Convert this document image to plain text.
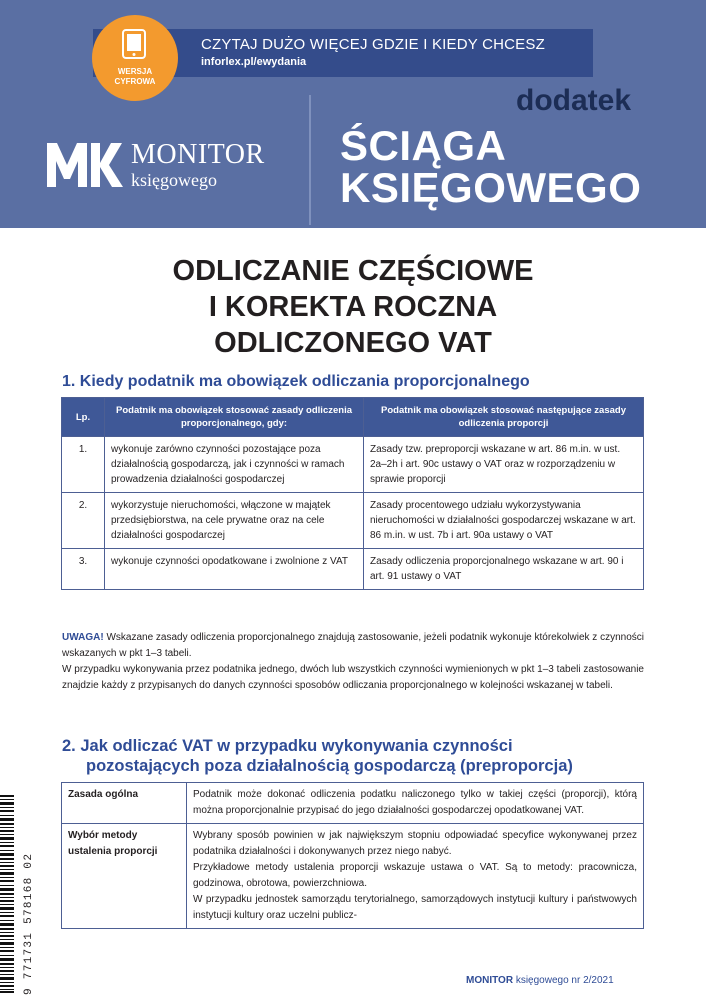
CZYTAJ DUŻO WIĘCEJ GDZIE I KIEDY CHCESZ
inforlex.pl/ewydania
WERSJA
CYFROWA
MONITOR
księgowego
dodatek
ŚCIĄGA
KSIĘGOWEGO
ODLICZANIE CZĘŚCIOWE
I KOREKTA ROCZNA
ODLICZONEGO VAT
1. Kiedy podatnik ma obowiązek odliczania proporcjonalnego
Lp.	Podatnik ma obowiązek stosować zasady odliczenia proporcjonalnego, gdy:	Podatnik ma obowiązek stosować następujące zasady odliczenia proporcji
1.	wykonuje zarówno czynności pozostające poza działalnością gospodarczą, jak i czynności w ramach prowadzenia działalności gospodarczej	Zasady tzw. preproporcji wskazane w art. 86 m.in. w ust. 2a–2h i art. 90c ustawy o VAT oraz w rozporządzeniu w sprawie proporcji
2.	wykorzystuje nieruchomości, włączone w majątek przedsiębiorstwa, na cele prywatne oraz na cele działalności gospodarczej	Zasady procentowego udziału wykorzystywania nieruchomości w działalności gospodarczej wskazane w art. 86 m.in. w ust. 7b i art. 90a ustawy o VAT
3.	wykonuje czynności opodatkowane i zwolnione z VAT	Zasady odliczenia proporcjonalnego wskazane w art. 90 i art. 91 ustawy o VAT
UWAGA! Wskazane zasady odliczenia proporcjonalnego znajdują zastosowanie, jeżeli podatnik wykonuje którekolwiek z czynności wskazanych w pkt 1–3 tabeli.
W przypadku wykonywania przez podatnika jednego, dwóch lub wszystkich czynności wymienionych w pkt 1–3 tabeli zastosowanie znajdzie każdy z przypisanych do danych czynności sposobów odliczania proporcjonalnego w kolejności wskazanej w tabeli.
2. Jak odliczać VAT w przypadku wykonywania czynności
pozostających poza działalnością gospodarczą (preproporcja)
Zasada ogólna	Podatnik może dokonać odliczenia podatku naliczonego tylko w takiej części (proporcji), którą można proporcjonalnie przypisać do jego działalności gospodarczej opodatkowanej VAT.
Wybór metody ustalenia proporcji	Wybrany sposób powinien w jak największym stopniu odpowiadać specyfice wykonywanej przez podatnika działalności i dokonywanych przez niego nabyć.
Przykładowe metody ustalenia proporcji wskazuje ustawa o VAT. Są to metody: pracownicza, godzinowa, obrotowa, powierzchniowa.
W przypadku jednostek samorządu terytorialnego, samorządowych instytucji kultury i państwowych instytucji kultury oraz uczelni publicz-
9 771731 578168 02	MONITOR księgowego nr 2/2021
